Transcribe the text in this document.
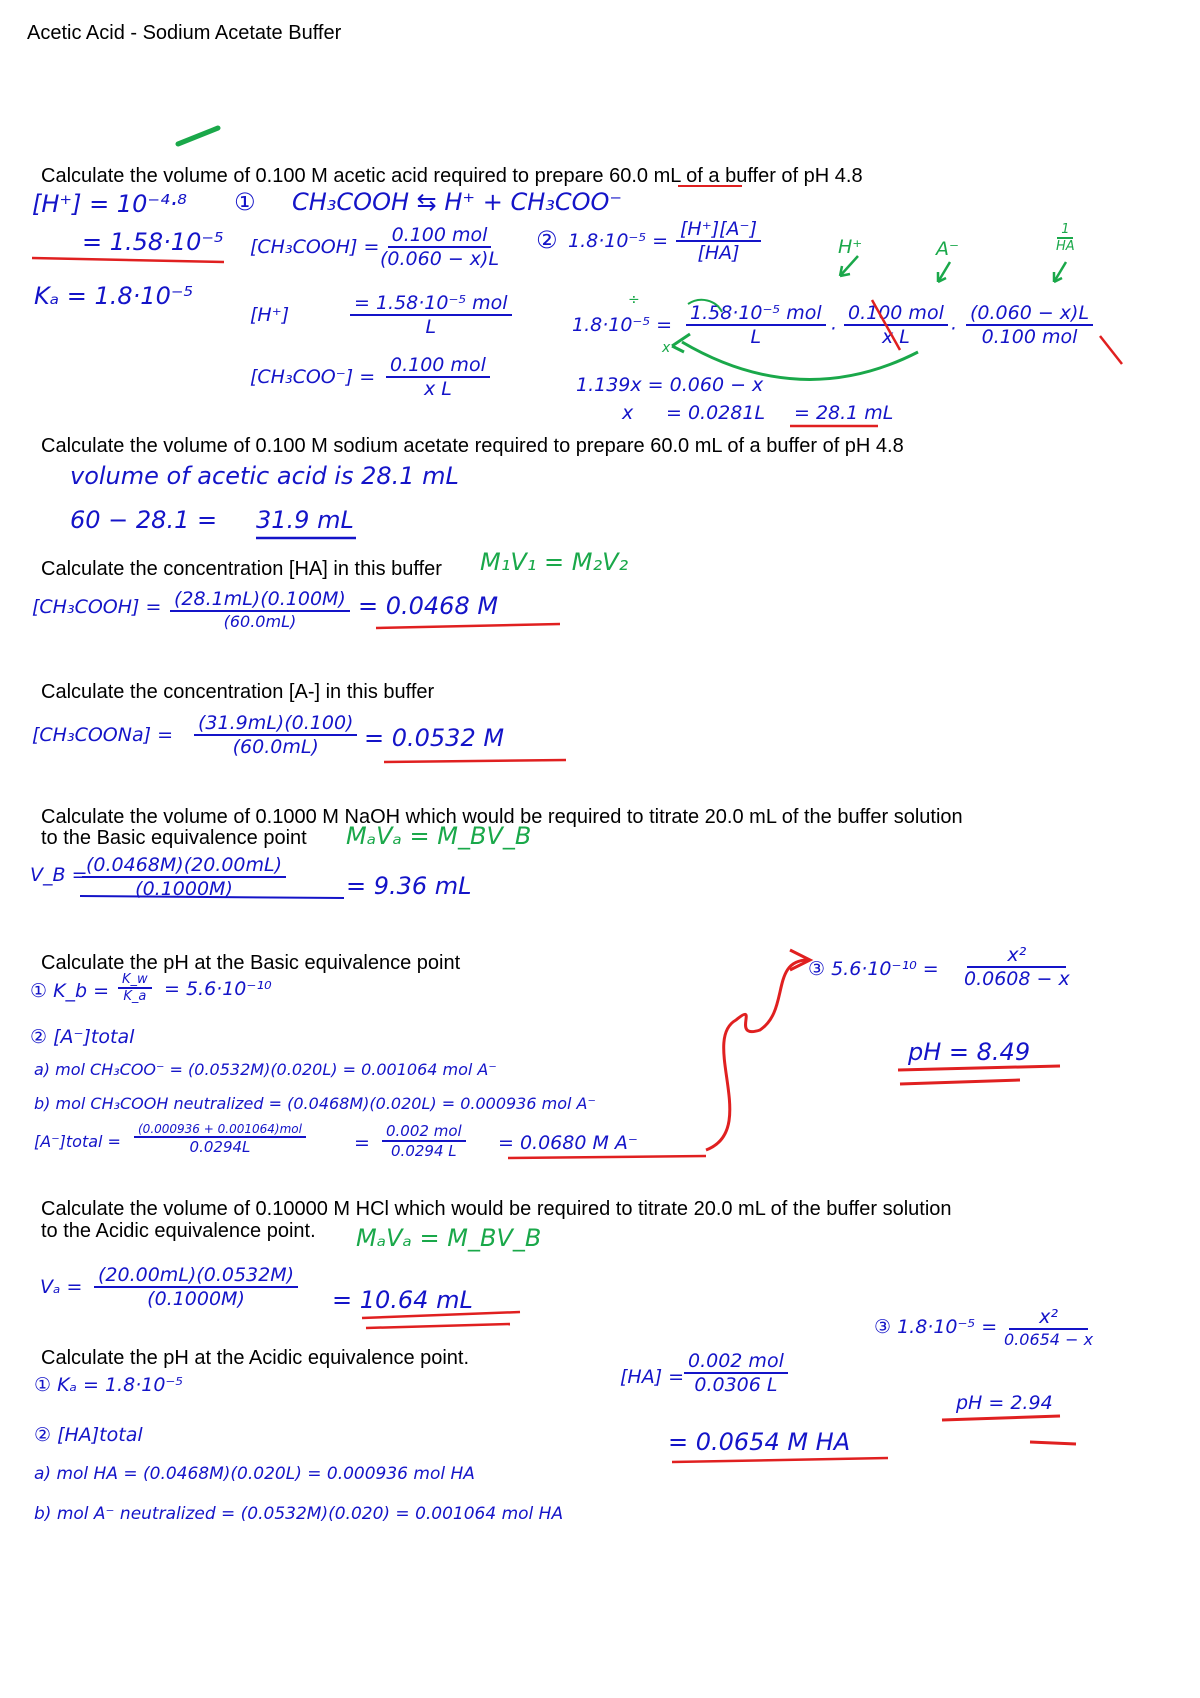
Acetic Acid - Sodium Acetate Buffer
Calculate the volume of 0.100 M acetic acid required to prepare 60.0 mL of a buffer of pH 4.8
[H⁺] = 10⁻⁴·⁸
= 1.58·10⁻⁵
Kₐ = 1.8·10⁻⁵
① CH₃COOH ⇆ H⁺ + CH₃COO⁻
[CH₃COOH] =
0.100 mol
(0.060 − x)L
[H⁺]
= 1.58·10⁻⁵ mol
L
[CH₃COO⁻] =
0.100 mol
x L
② $1.8\cdot 10^{-5} = \frac{[H^+][A^-]}{[HA]}$	H⁺	A⁻	$\frac{1}{HA}$
1.8·10⁻⁵ =
1.58·10⁻⁵ mol
L	·
0.100 mol
x L ·
(0.060 − x)L
0.100 mol
÷
x
1.139x = 0.060 − x
x = 0.0281L = 28.1 mL
Calculate the volume of 0.100 M sodium acetate required to prepare 60.0 mL of a buffer of pH 4.8
volume of acetic acid is 28.1 mL
60 − 28.1 = 31.9 mL
Calculate the concentration [HA] in this buffer M₁V₁ = M₂V₂
[CH₃COOH] = (28.1mL)(0.100M)
(60.0mL)
= 0.0468 M
Calculate the concentration [A-] in this buffer
[CH₃COONa] = $\frac{(31.9mL)(0.100)}{(60.0mL)} = 0.0532$ M
Calculate the volume of 0.1000 M NaOH which would be required to titrate 20.0 mL of the buffer solution
to the Basic equivalence point MₐVₐ = M_BV_B
V_B =
$\frac{(0.0468M)(20.00mL)}{(0.1000M)} = 9.36$ mL
Calculate the pH at the Basic equivalence point
① K_b = $\frac{K\_w}{K\_a} = 5.6\cdot 10^{-10}$
② [A⁻]total
a) mol CH₃COO⁻ = (0.0532M)(0.020L) = 0.001064 mol A⁻
b) mol CH₃COOH neutralized = (0.0468M)(0.020L) = 0.000936 mol A⁻
[A⁻]total =
(0.000936 + 0.001064)mol
0.0294L	=
0.002 mol
0.0294 L = 0.0680 M A⁻
③ $5.6\cdot 10^{-10} = \frac{\text{x²}}{0.0608 - x}$
pH = 8.49
Calculate the volume of 0.10000 M HCl which would be required to titrate 20.0 mL of the buffer solution
to the Acidic equivalence point. MₐVₐ = M_BV_B
$V_a = \frac{(20.00mL)(0.0532M)}{(0.1000M)} = 10.64$ mL
③ 1.8·10⁻⁵ =	x²
0.0654 − x
pH = 2.94
Calculate the pH at the Acidic equivalence point.
① Kₐ = 1.8·10⁻⁵
② [HA]total
a) mol HA = (0.0468M)(0.020L) = 0.000936 mol HA
b) mol A⁻ neutralized = (0.0532M)(0.020) = 0.001064 mol HA
[HA] =
0.002 mol
0.0306 L
= 0.0654 M HA
